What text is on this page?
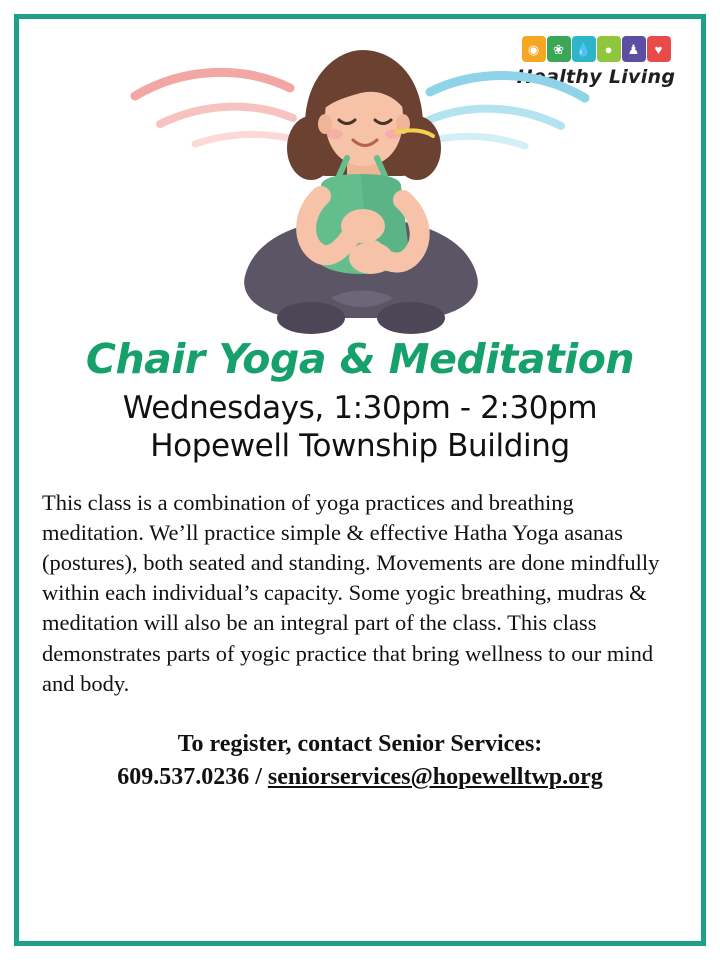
◉	❀ 💧 ●	♟	♥
Healthy Living
Chair Yoga & Meditation
Wednesdays, 1:30pm - 2:30pm
Hopewell Township Building

This class is a combination of yoga practices and breathing meditation. We’ll practice simple & effective Hatha Yoga asanas (postures), both seated and standing. Movements are done mindfully within each individual’s capacity. Some yogic breathing, mudras & meditation will also be an integral part of the class. This class demonstrates parts of yogic practice that bring wellness to our mind and body.

To register, contact Senior Services:
609.537.0236 / seniorservices@hopewelltwp.org
